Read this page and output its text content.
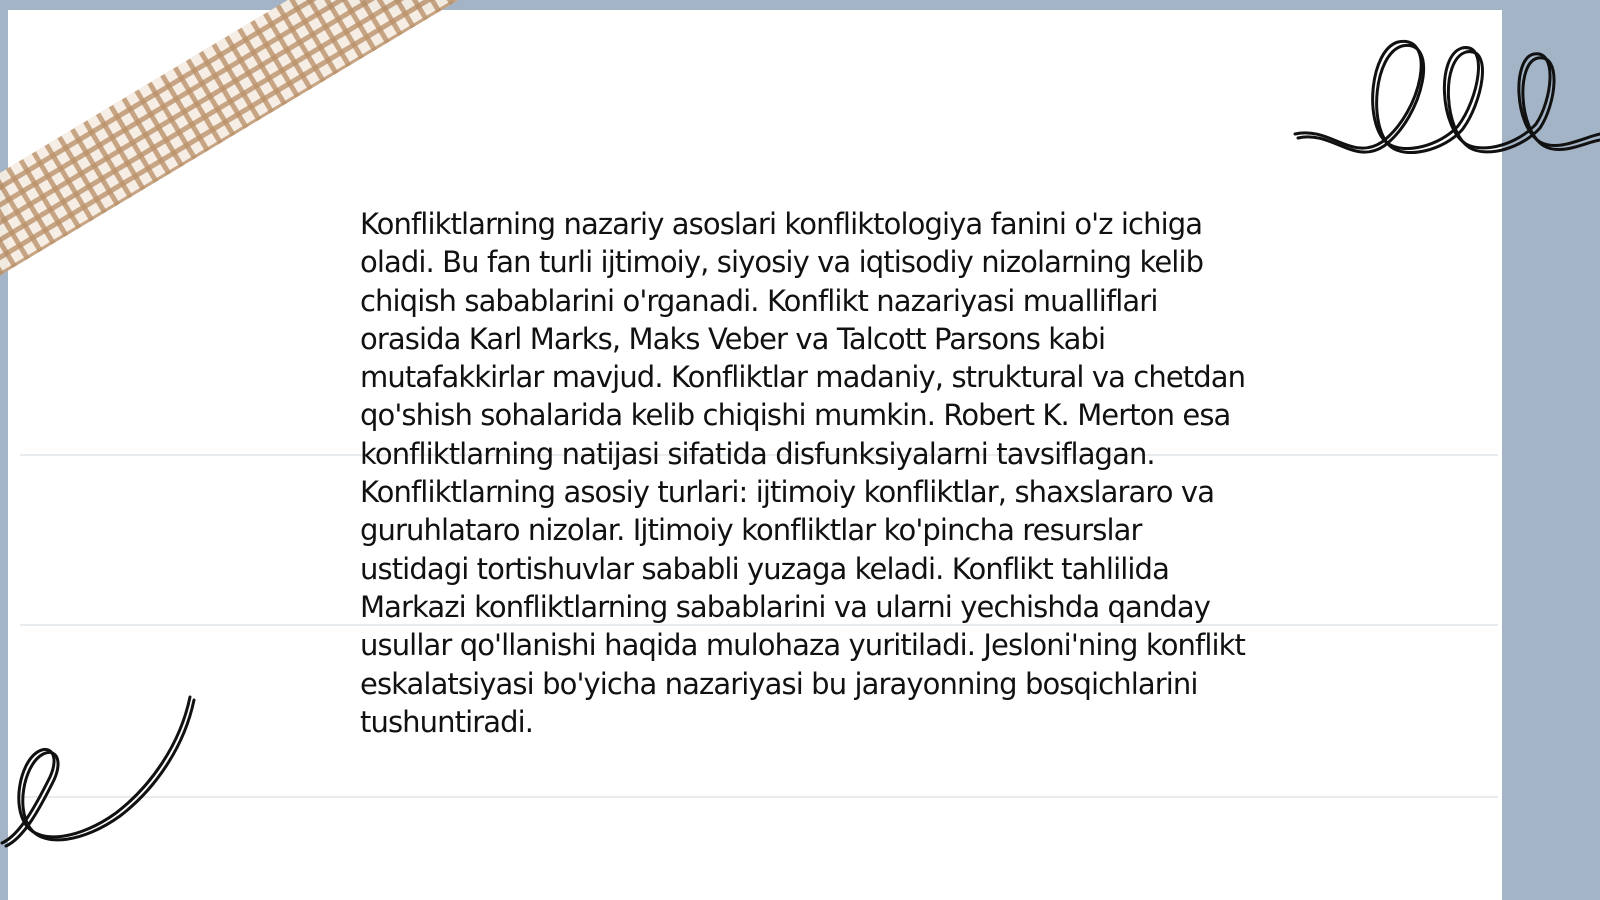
Konfliktlarning nazariy asoslari konfliktologiya fanini o'z ichiga oladi. Bu fan turli ijtimoiy, siyosiy va iqtisodiy nizolarning kelib chiqish sabablarini o'rganadi. Konflikt nazariyasi mualliflari orasida Karl Marks, Maks Veber va Talcott Parsons kabi mutafakkirlar mavjud. Konfliktlar madaniy, struktural va chetdan qo'shish sohalarida kelib chiqishi mumkin. Robert K. Merton esa konfliktlarning natijasi sifatida disfunksiyalarni tavsiflagan. Konfliktlarning asosiy turlari: ijtimoiy konfliktlar, shaxslararo va guruhlataro nizolar. Ijtimoiy konfliktlar ko'pincha resurslar ustidagi tortishuvlar sababli yuzaga keladi. Konflikt tahlilida Markazi konfliktlarning sabablarini va ularni yechishda qanday usullar qo'llanishi haqida mulohaza yuritiladi. Jesloni'ning konflikt eskalatsiyasi bo'yicha nazariyasi bu jarayonning bosqichlarini tushuntiradi.
